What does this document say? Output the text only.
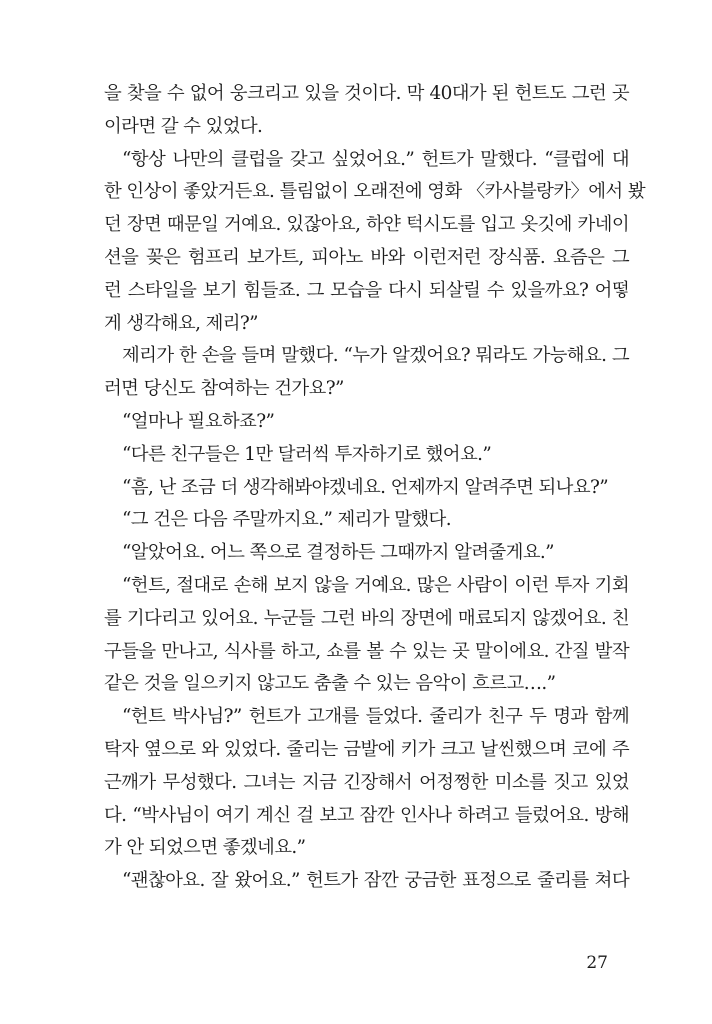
을 찾을 수 없어 웅크리고 있을 것이다. 막 40대가 된 헌트도 그런 곳
이라면 갈 수 있었다.
“항상 나만의 클럽을 갖고 싶었어요.” 헌트가 말했다. “클럽에 대
한 인상이 좋았거든요. 틀림없이 오래전에 영화 〈카사블랑카〉에서 봤
던 장면 때문일 거예요. 있잖아요, 하얀 턱시도를 입고 옷깃에 카네이
션을 꽂은 험프리 보가트, 피아노 바와 이런저런 장식품. 요즘은 그
런 스타일을 보기 힘들죠. 그 모습을 다시 되살릴 수 있을까요? 어떻
게 생각해요, 제리?”
제리가 한 손을 들며 말했다. “누가 알겠어요? 뭐라도 가능해요. 그
러면 당신도 참여하는 건가요?”
“얼마나 필요하죠?”
“다른 친구들은 1만 달러씩 투자하기로 했어요.”
“흠, 난 조금 더 생각해봐야겠네요. 언제까지 알려주면 되나요?”
“그 건은 다음 주말까지요.” 제리가 말했다.
“알았어요. 어느 쪽으로 결정하든 그때까지 알려줄게요.”
“헌트, 절대로 손해 보지 않을 거예요. 많은 사람이 이런 투자 기회
를 기다리고 있어요. 누군들 그런 바의 장면에 매료되지 않겠어요. 친
구들을 만나고, 식사를 하고, 쇼를 볼 수 있는 곳 말이에요. 간질 발작
같은 것을 일으키지 않고도 춤출 수 있는 음악이 흐르고….”
“헌트 박사님?” 헌트가 고개를 들었다. 줄리가 친구 두 명과 함께
탁자 옆으로 와 있었다. 줄리는 금발에 키가 크고 날씬했으며 코에 주
근깨가 무성했다. 그녀는 지금 긴장해서 어정쩡한 미소를 짓고 있었
다. “박사님이 여기 계신 걸 보고 잠깐 인사나 하려고 들렀어요. 방해
가 안 되었으면 좋겠네요.”
“괜찮아요. 잘 왔어요.” 헌트가 잠깐 궁금한 표정으로 줄리를 쳐다
27
